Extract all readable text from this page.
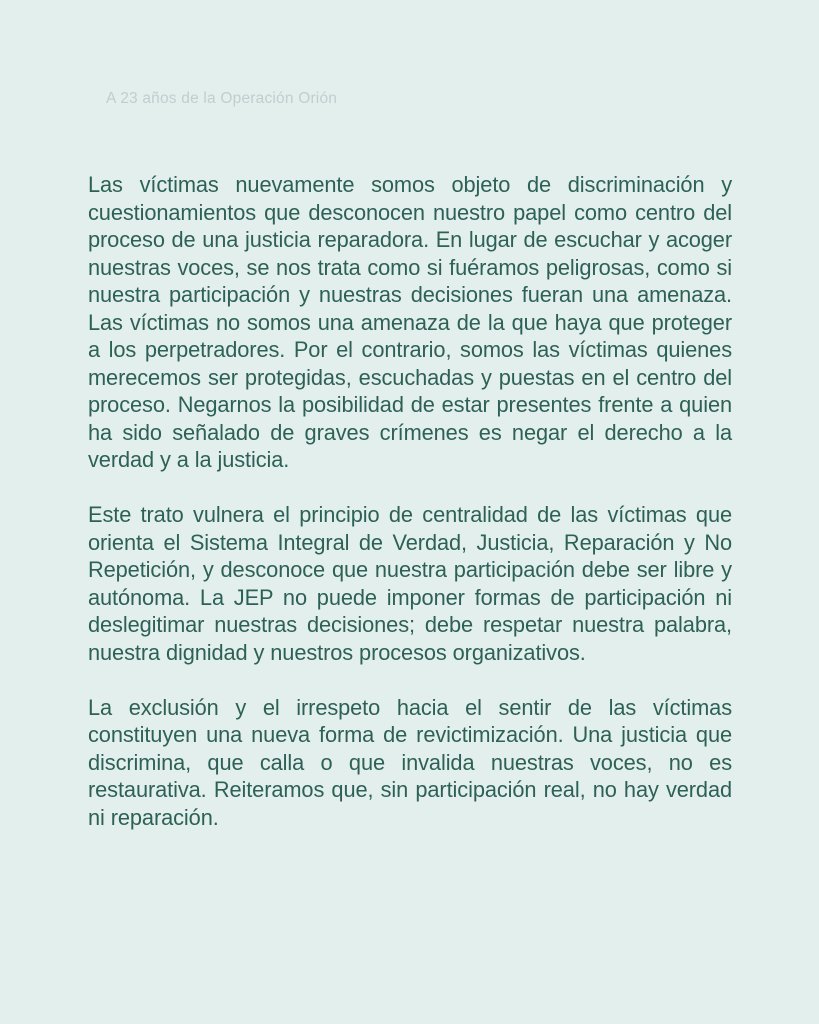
A 23 años de la Operación Orión

Las víctimas nuevamente somos objeto de discriminación y cuestionamientos que desconocen nuestro papel como centro del proceso de una justicia reparadora. En lugar de escuchar y acoger nuestras voces, se nos trata como si fuéramos peligrosas, como si nuestra participación y nuestras decisiones fueran una amenaza. Las víctimas no somos una amenaza de la que haya que proteger a los perpetradores. Por el contrario, somos las víctimas quienes merecemos ser protegidas, escuchadas y puestas en el centro del proceso. Negarnos la posibilidad de estar presentes frente a quien ha sido señalado de graves crímenes es negar el derecho a la verdad y a la justicia.

Este trato vulnera el principio de centralidad de las víctimas que orienta el Sistema Integral de Verdad, Justicia, Reparación y No Repetición, y desconoce que nuestra participación debe ser libre y autónoma. La JEP no puede imponer formas de participación ni deslegitimar nuestras decisiones; debe respetar nuestra palabra, nuestra dignidad y nuestros procesos organizativos.

La exclusión y el irrespeto hacia el sentir de las víctimas constituyen una nueva forma de revictimización. Una justicia que discrimina, que calla o que invalida nuestras voces, no es restaurativa. Reiteramos que, sin participación real, no hay verdad ni reparación.
